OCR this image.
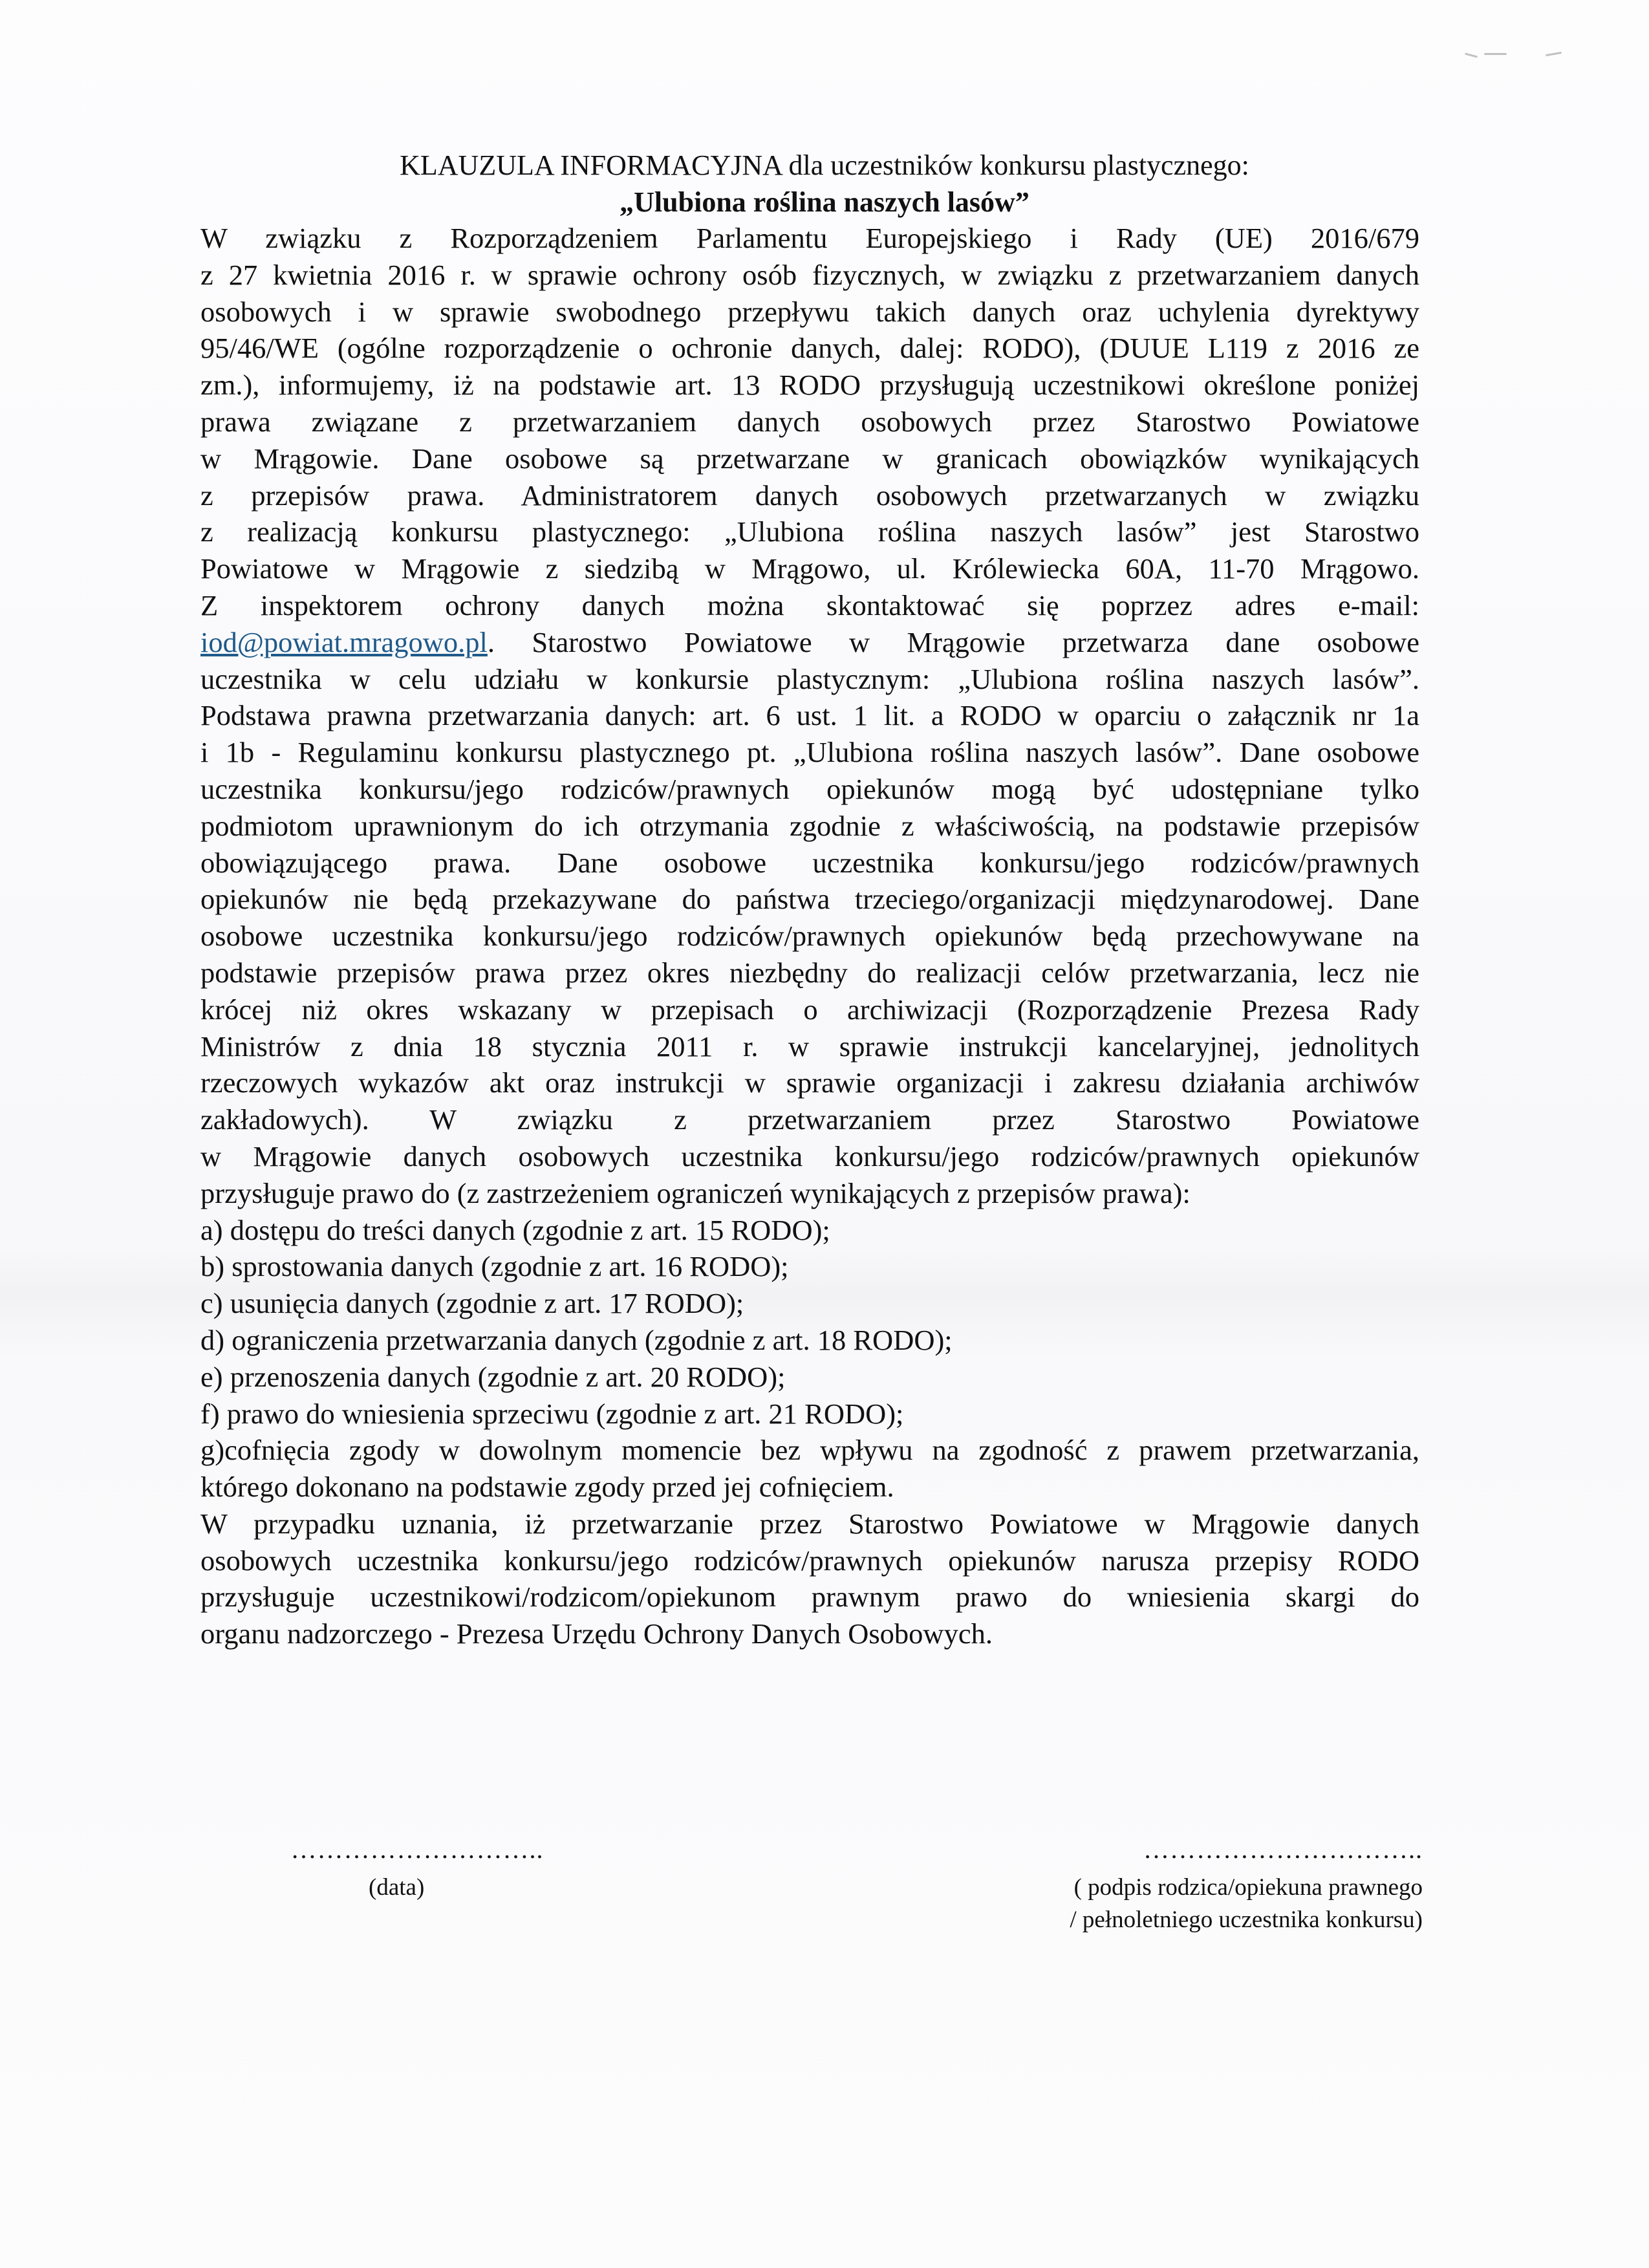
KLAUZULA INFORMACYJNA dla uczestników konkursu plastycznego:
„Ulubiona roślina naszych lasów”
W związku z Rozporządzeniem Parlamentu Europejskiego i Rady (UE) 2016/679
z 27 kwietnia 2016 r. w sprawie ochrony osób fizycznych, w związku z przetwarzaniem danych
osobowych i w sprawie swobodnego przepływu takich danych oraz uchylenia dyrektywy
95/46/WE (ogólne rozporządzenie o ochronie danych, dalej: RODO), (DUUE L119 z 2016 ze
zm.), informujemy, iż na podstawie art. 13 RODO przysługują uczestnikowi określone poniżej
prawa związane z przetwarzaniem danych osobowych przez Starostwo Powiatowe
w Mrągowie. Dane osobowe są przetwarzane w granicach obowiązków wynikających
z przepisów prawa. Administratorem danych osobowych przetwarzanych w związku
z realizacją konkursu plastycznego: „Ulubiona roślina naszych lasów” jest Starostwo
Powiatowe w Mrągowie z siedzibą w Mrągowo, ul. Królewiecka 60A, 11-70 Mrągowo.
Z inspektorem ochrony danych można skontaktować się poprzez adres e-mail:
iod@powiat.mragowo.pl. Starostwo Powiatowe w Mrągowie przetwarza dane osobowe
uczestnika w celu udziału w konkursie plastycznym: „Ulubiona roślina naszych lasów”.
Podstawa prawna przetwarzania danych: art. 6 ust. 1 lit. a RODO w oparciu o załącznik nr 1a
i 1b - Regulaminu konkursu plastycznego pt. „Ulubiona roślina naszych lasów”. Dane osobowe
uczestnika konkursu/jego rodziców/prawnych opiekunów mogą być udostępniane tylko
podmiotom uprawnionym do ich otrzymania zgodnie z właściwością, na podstawie przepisów
obowiązującego prawa. Dane osobowe uczestnika konkursu/jego rodziców/prawnych
opiekunów nie będą przekazywane do państwa trzeciego/organizacji międzynarodowej. Dane
osobowe uczestnika konkursu/jego rodziców/prawnych opiekunów będą przechowywane na
podstawie przepisów prawa przez okres niezbędny do realizacji celów przetwarzania, lecz nie
krócej niż okres wskazany w przepisach o archiwizacji (Rozporządzenie Prezesa Rady
Ministrów z dnia 18 stycznia 2011 r. w sprawie instrukcji kancelaryjnej, jednolitych
rzeczowych wykazów akt oraz instrukcji w sprawie organizacji i zakresu działania archiwów
zakładowych). W związku z przetwarzaniem przez Starostwo Powiatowe
w Mrągowie danych osobowych uczestnika konkursu/jego rodziców/prawnych opiekunów
przysługuje prawo do (z zastrzeżeniem ograniczeń wynikających z przepisów prawa):
a) dostępu do treści danych (zgodnie z art. 15 RODO);
b) sprostowania danych (zgodnie z art. 16 RODO);
c) usunięcia danych (zgodnie z art. 17 RODO);
d) ograniczenia przetwarzania danych (zgodnie z art. 18 RODO);
e) przenoszenia danych (zgodnie z art. 20 RODO);
f) prawo do wniesienia sprzeciwu (zgodnie z art. 21 RODO);
g)cofnięcia zgody w dowolnym momencie bez wpływu na zgodność z prawem przetwarzania,
którego dokonano na podstawie zgody przed jej cofnięciem.
W przypadku uznania, iż przetwarzanie przez Starostwo Powiatowe w Mrągowie danych
osobowych uczestnika konkursu/jego rodziców/prawnych opiekunów narusza przepisy RODO
przysługuje uczestnikowi/rodzicom/opiekunom prawnym prawo do wniesienia skargi do
organu nadzorczego - Prezesa Urzędu Ochrony Danych Osobowych.
………………………..
(data)
…………………………..
( podpis rodzica/opiekuna prawnego
/ pełnoletniego uczestnika konkursu)
